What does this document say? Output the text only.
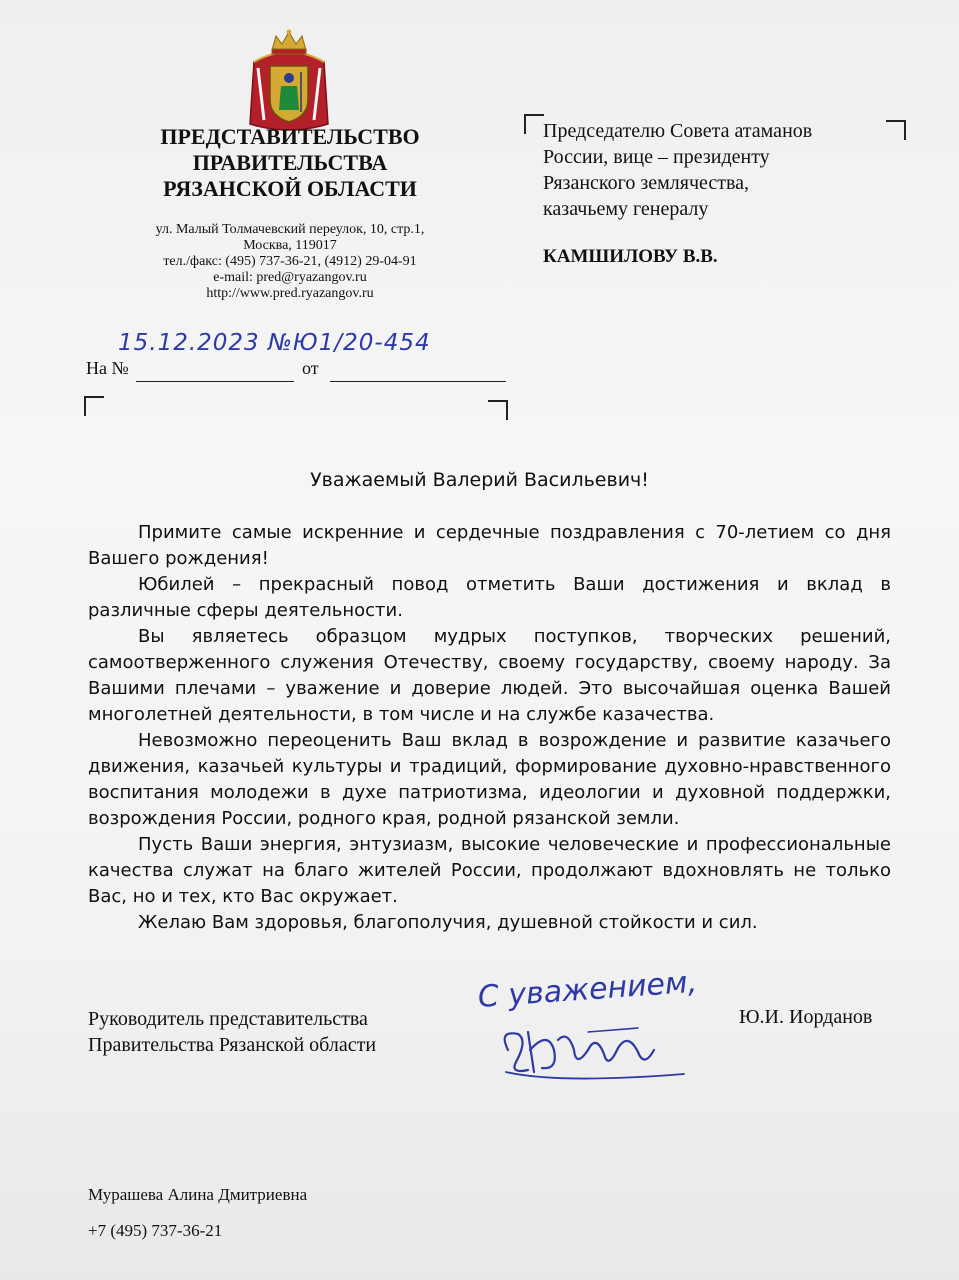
ПРЕДСТАВИТЕЛЬСТВО
ПРАВИТЕЛЬСТВА
РЯЗАНСКОЙ ОБЛАСТИ
ул. Малый Толмачевский переулок, 10, стр.1,
Москва, 119017
тел./факс: (495) 737-36-21, (4912) 29-04-91
e-mail: pred@ryazangov.ru
http://www.pred.ryazangov.ru
Председателю Совета атаманов
России, вице – президенту
Рязанского землячества,
казачьему генералу
КАМШИЛОВУ В.В.
15.12.2023 №Ю1/20-454
На №	от
Уважаемый Валерий Васильевич!

Примите самые искренние и сердечные поздравления с 70-летием со дня Вашего рождения!

Юбилей – прекрасный повод отметить Ваши достижения и вклад в различные сферы деятельности.

Вы являетесь образцом мудрых поступков, творческих решений, самоотверженного служения Отечеству, своему государству, своему народу. За Вашими плечами – уважение и доверие людей. Это высочайшая оценка Вашей многолетней деятельности, в том числе и на службе казачества.

Невозможно переоценить Ваш вклад в возрождение и развитие казачьего движения, казачьей культуры и традиций, формирование духовно-нравственного воспитания молодежи в духе патриотизма, идеологии и духовной поддержки, возрождения России, родного края, родной рязанской земли.

Пусть Ваши энергия, энтузиазм, высокие человеческие и профессиональные качества служат на благо жителей России, продолжают вдохновлять не только Вас, но и тех, кто Вас окружает.

Желаю Вам здоровья, благополучия, душевной стойкости и сил.

Руководитель представительства
Правительства Рязанской области
С уважением,
Ю.И. Иорданов
Мурашева Алина Дмитриевна
+7 (495) 737-36-21
